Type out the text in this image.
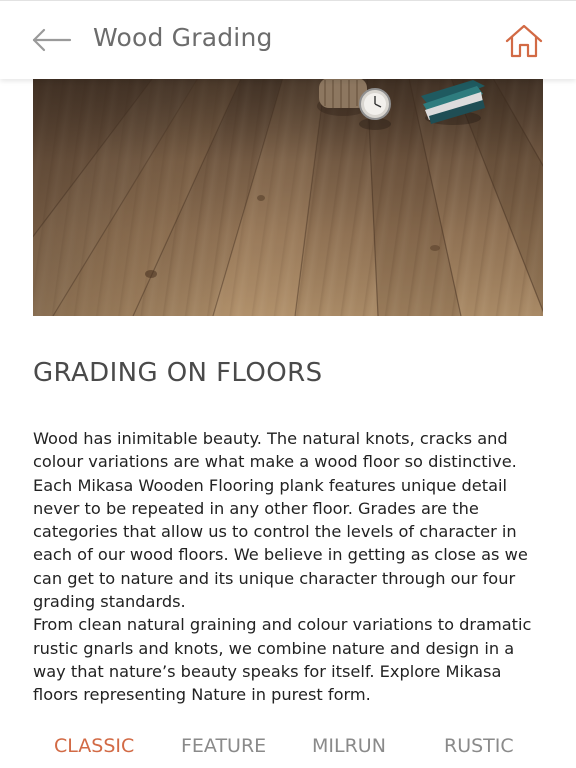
Wood Grading
GRADING ON FLOORS

Wood has inimitable beauty. The natural knots, cracks and colour variations are what make a wood floor so distinctive. Each Mikasa Wooden Flooring plank features unique detail never to be repeated in any other floor. Grades are the categories that allow us to control the levels of character in each of our wood floors. We believe in getting as close as we can get to nature and its unique character through our four grading standards.

From clean natural graining and colour variations to dramatic rustic gnarls and knots, we combine nature and design in a way that nature’s beauty speaks for itself. Explore Mikasa floors representing Nature in purest form.

CLASSIC FEATURE MILRUN	RUSTIC
